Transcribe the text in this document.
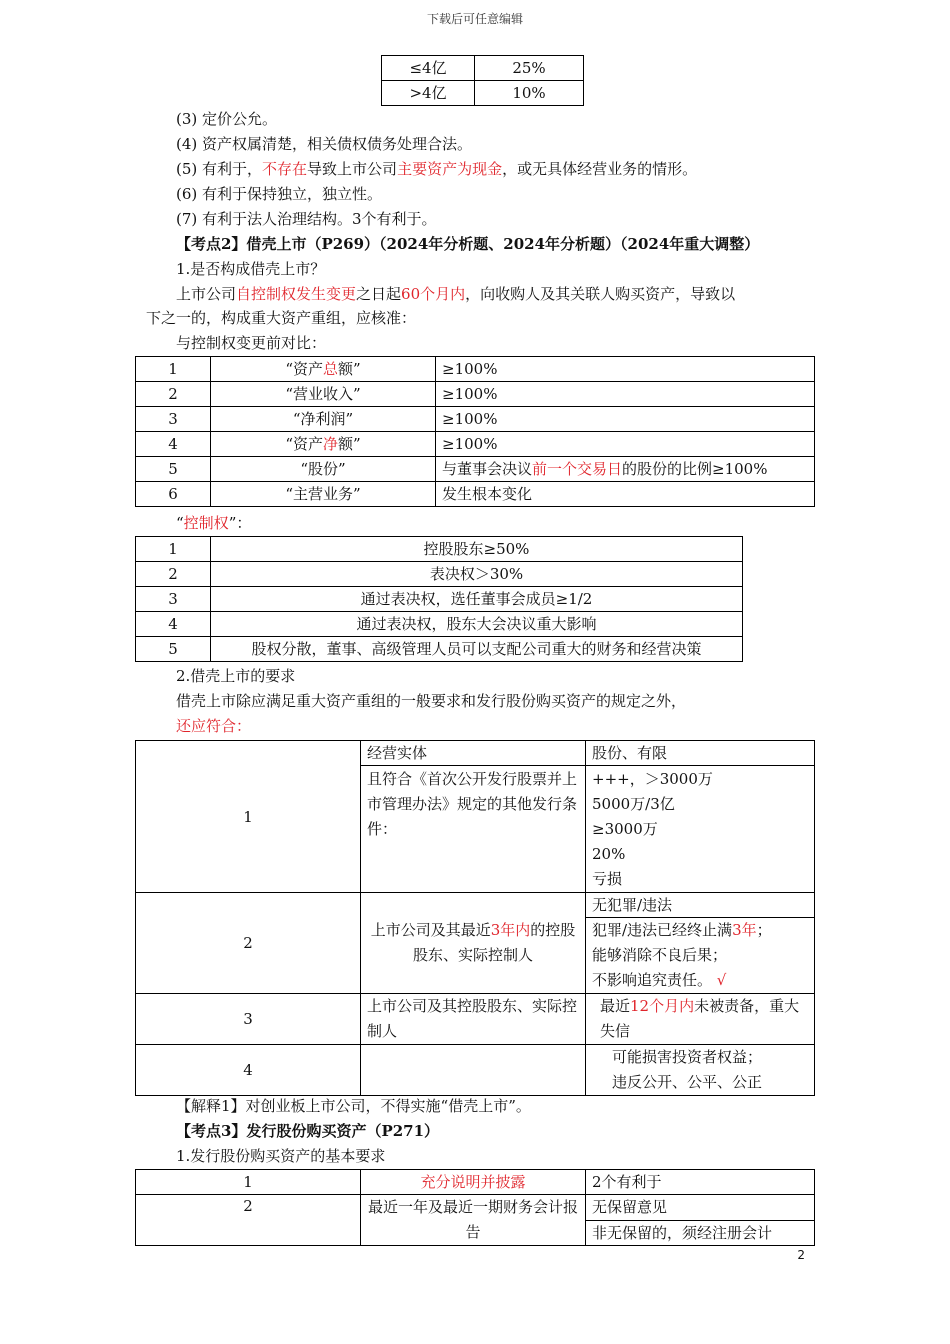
下载后可任意编辑
≤4亿	25%
>4亿	10%
(3) 定价公允。
(4) 资产权属清楚，相关债权债务处理合法。
(5) 有利于，不存在导致上市公司主要资产为现金，或无具体经营业务的情形。
(6) 有利于保持独立，独立性。
(7) 有利于法人治理结构。3个有利于。
【考点2】借壳上市（P269）（2024年分析题、2024年分析题）（2024年重大调整）
1.是否构成借壳上市？
上市公司自控制权发生变更之日起60个月内，向收购人及其关联人购买资产，导致以
下之一的，构成重大资产重组，应核准：
与控制权变更前对比：
1	“资产总额”	≥100%
2	“营业收入”	≥100%
3	“净利润”	≥100%
4	“资产净额”	≥100%
5	“股份”	与董事会决议前一个交易日的股份的比例≥100%
6	“主营业务”	发生根本变化
“控制权”：
1	控股股东≥50%
2	表决权＞30%
3	通过表决权，选任董事会成员≥1/2
4	通过表决权，股东大会决议重大影响
5	股权分散，董事、高级管理人员可以支配公司重大的财务和经营决策
2.借壳上市的要求
借壳上市除应满足重大资产重组的一般要求和发行股份购买资产的规定之外，
还应符合：
1	经营实体	股份、有限
	且符合《首次公开发行股票并上市管理办法》规定的其他发行条件：	+++，＞3000万
5000万/3亿
≥3000万
20%
亏损

2	上市公司及其最近3年内的控股股东、实际控制人	无犯罪/违法

		犯罪/违法已经终止满3年；
能够消除不良后果；
不影响追究责任。 √

3	上市公司及其控股股东、实际控制人	最近12个月内未被责备，重大失信
4		可能损害投资者权益；
违反公开、公平、公正
【解释1】对创业板上市公司，不得实施“借壳上市”。
【考点3】发行股份购买资产（P271）
1.发行股份购买资产的基本要求
1	充分说明并披露	2个有利于
2	最近一年及最近一期财务会计报告	无保留意见
		非无保留的，须经注册会计
2
